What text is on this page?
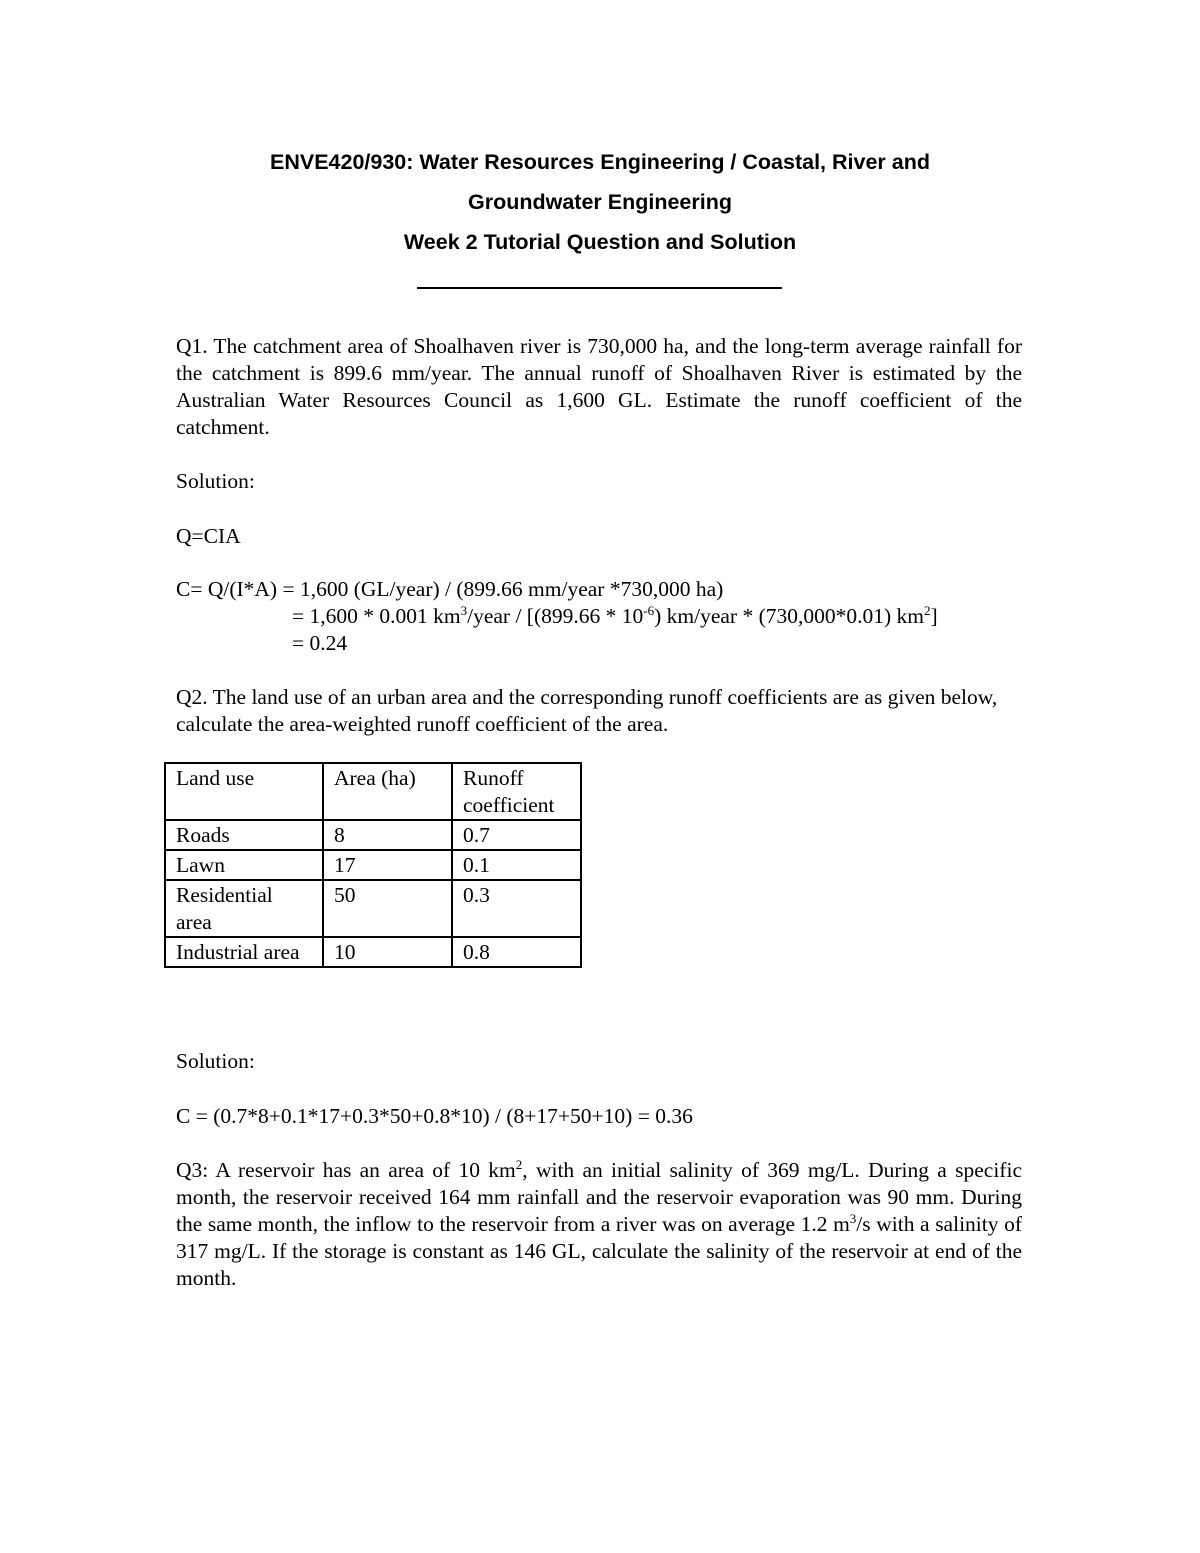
ENVE420/930: Water Resources Engineering / Coastal, River and
Groundwater Engineering
Week 2 Tutorial Question and Solution
Q1. The catchment area of Shoalhaven river is 730,000 ha, and the long-term average rainfall for the catchment is 899.6 mm/year. The annual runoff of Shoalhaven River is estimated by the Australian Water Resources Council as 1,600 GL. Estimate the runoff coefficient of the catchment.
Solution:
Q=CIA
C= Q/(I*A) = 1,600 (GL/year) / (899.66 mm/year *730,000 ha)
= 1,600 * 0.001 $km^3$/year / [$(899.66 * 10^{-6})$ km/year * (730,000*0.01) $km^2$]
= 0.24
Q2. The land use of an urban area and the corresponding runoff coefficients are as given below, calculate the area-weighted runoff coefficient of the area.
Land use	Area (ha)	Runoff coefficient
Roads	8	0.7
Lawn	17	0.1
Residential area	50	0.3
Industrial area	10	0.8
Solution:
C = (0.7*8+0.1*17+0.3*50+0.8*10) / (8+17+50+10) = 0.36
Q3: A reservoir has an area of 10 $km^2$, with an initial salinity of 369 mg/L. During a specific month, the reservoir received 164 mm rainfall and the reservoir evaporation was 90 mm. During the same month, the inflow to the reservoir from a river was on average 1.2 $m^3/s$ with a salinity of 317 mg/L. If the storage is constant as 146 GL, calculate the salinity of the reservoir at end of the month.
